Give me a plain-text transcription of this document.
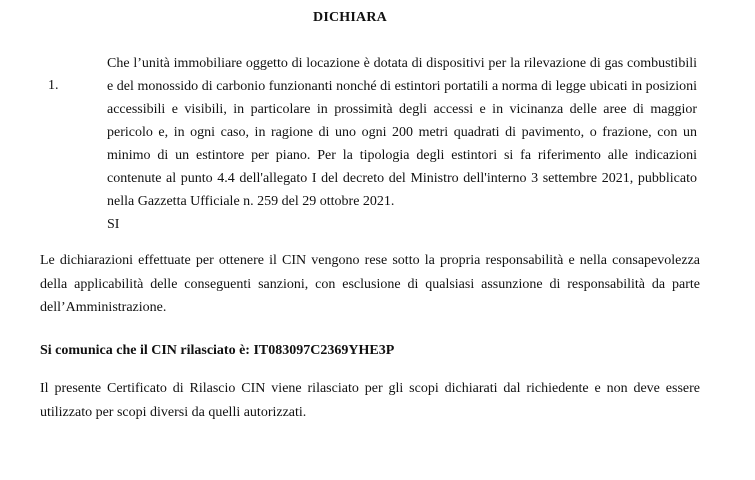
DICHIARA
1.
Che l’unità immobiliare oggetto di locazione è dotata di dispositivi per la rilevazione di gas combustibili e del monossido di carbonio funzionanti nonché di estintori portatili a norma di legge ubicati in posizioni accessibili e visibili, in particolare in prossimità degli accessi e in vicinanza delle aree di maggior pericolo e, in ogni caso, in ragione di uno ogni 200 metri quadrati di pavimento, o frazione, con un minimo di un estintore per piano. Per la tipologia degli estintori si fa riferimento alle indicazioni contenute al punto 4.4 dell'allegato I del decreto del Ministro dell'interno 3 settembre 2021, pubblicato nella Gazzetta Ufficiale n. 259 del 29 ottobre 2021.
SI
Le dichiarazioni effettuate per ottenere il CIN vengono rese sotto la propria responsabilità e nella consapevolezza della applicabilità delle conseguenti sanzioni, con esclusione di qualsiasi assunzione di responsabilità da parte dell’Amministrazione.
Si comunica che il CIN rilasciato è: IT083097C2369YHE3P
Il presente Certificato di Rilascio CIN viene rilasciato per gli scopi dichiarati dal richiedente e non deve essere utilizzato per scopi diversi da quelli autorizzati.
